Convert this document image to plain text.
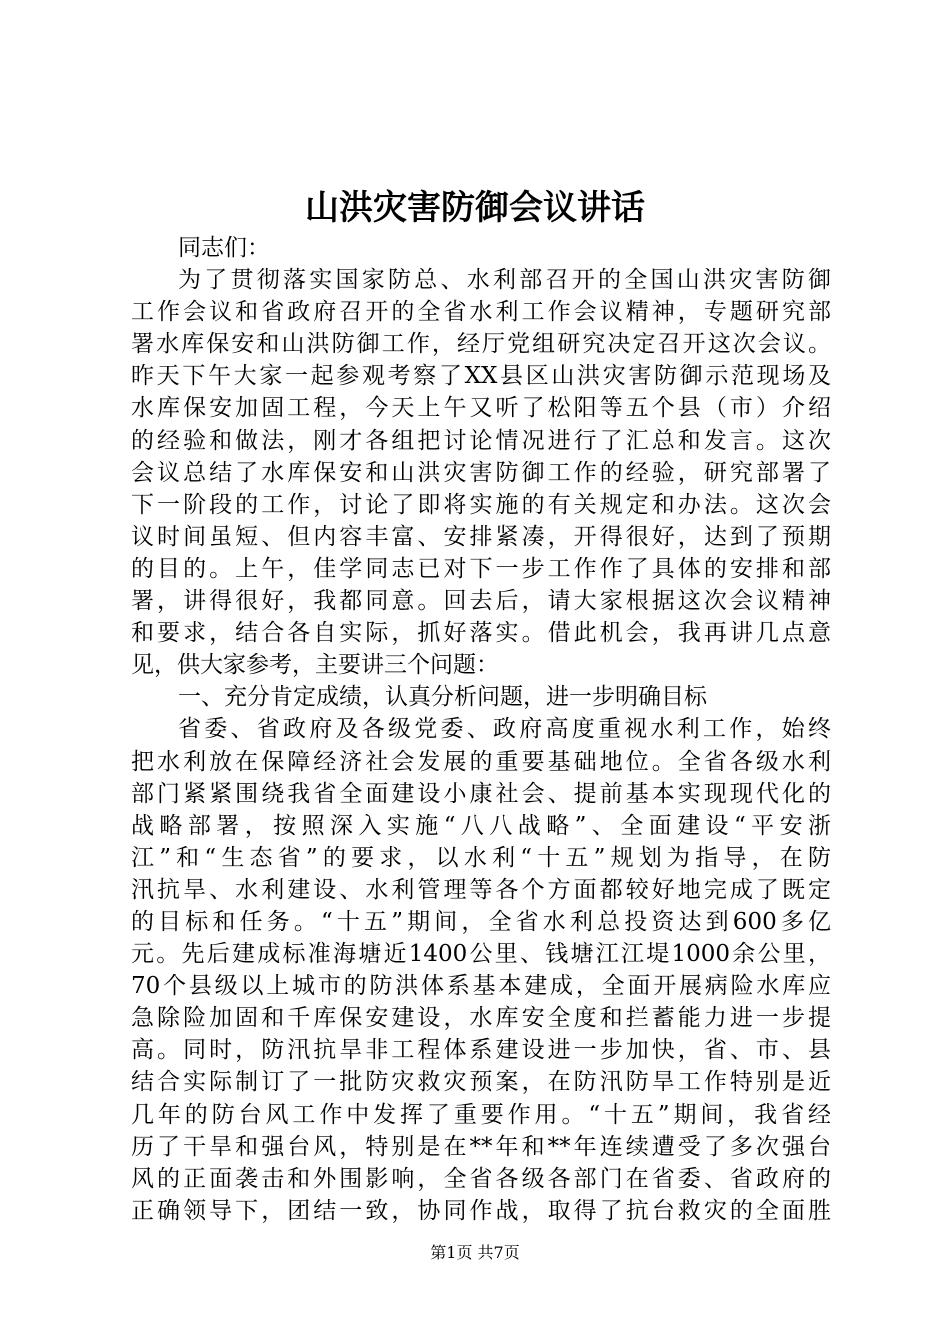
山洪灾害防御会议讲话
同志们：
为了贯彻落实国家防总、水利部召开的全国山洪灾害防御
工作会议和省政府召开的全省水利工作会议精神，专题研究部
署水库保安和山洪防御工作，经厅党组研究决定召开这次会议。
昨天下午大家一起参观考察了XX县区山洪灾害防御示范现场及
水库保安加固工程，今天上午又听了松阳等五个县（市）介绍
的经验和做法，刚才各组把讨论情况进行了汇总和发言。这次
会议总结了水库保安和山洪灾害防御工作的经验，研究部署了
下一阶段的工作，讨论了即将实施的有关规定和办法。这次会
议时间虽短、但内容丰富、安排紧凑，开得很好，达到了预期
的目的。上午，佳学同志已对下一步工作作了具体的安排和部
署，讲得很好，我都同意。回去后，请大家根据这次会议精神
和要求，结合各自实际，抓好落实。借此机会，我再讲几点意
见，供大家参考，主要讲三个问题：
一、充分肯定成绩，认真分析问题，进一步明确目标
省委、省政府及各级党委、政府高度重视水利工作，始终
把水利放在保障经济社会发展的重要基础地位。全省各级水利
部门紧紧围绕我省全面建设小康社会、提前基本实现现代化的
战略部署，按照深入实施“八八战略”、全面建设“平安浙
江”和“生态省”的要求，以水利“十五”规划为指导，在防
汛抗旱、水利建设、水利管理等各个方面都较好地完成了既定
的目标和任务。“十五”期间，全省水利总投资达到600多亿
元。先后建成标准海塘近1400公里、钱塘江江堤1000余公里，
70个县级以上城市的防洪体系基本建成，全面开展病险水库应
急除险加固和千库保安建设，水库安全度和拦蓄能力进一步提
高。同时，防汛抗旱非工程体系建设进一步加快，省、市、县
结合实际制订了一批防灾救灾预案，在防汛防旱工作特别是近
几年的防台风工作中发挥了重要作用。“十五”期间，我省经
历了干旱和强台风，特别是在**年和**年连续遭受了多次强台
风的正面袭击和外围影响，全省各级各部门在省委、省政府的
正确领导下，团结一致，协同作战，取得了抗台救灾的全面胜
第1页 共7页
